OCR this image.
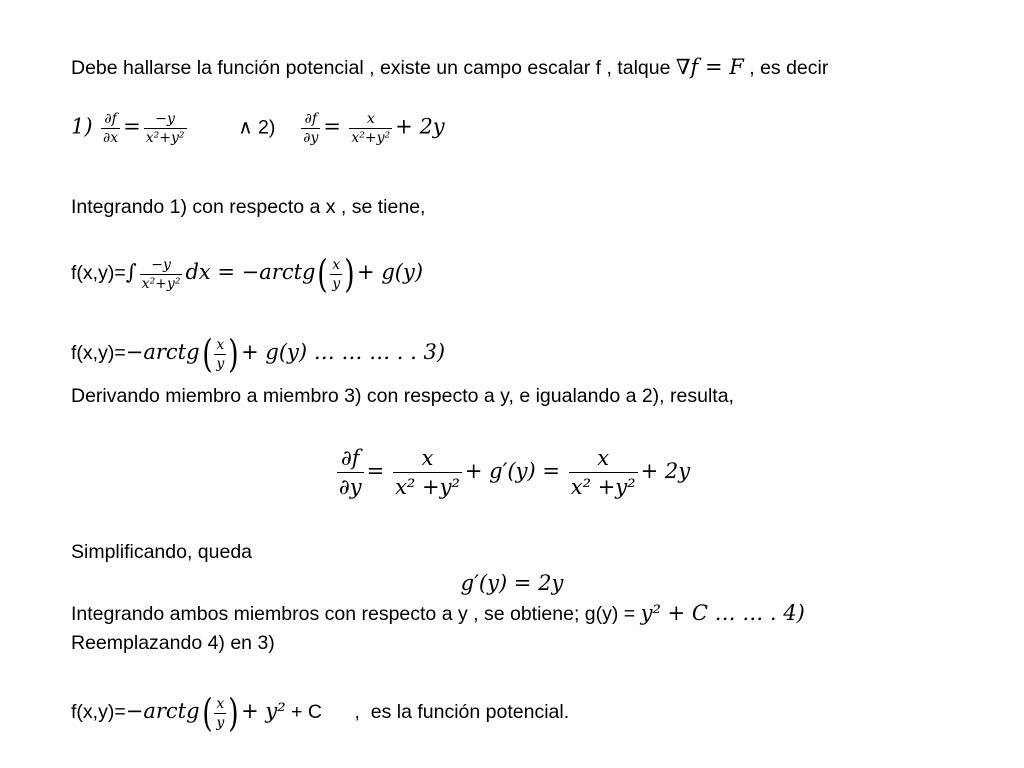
Debe hallarse la función potencial , existe un campo escalar f , talque ∇f = F , es decir
$1) \frac{\partial f}{\partial x} = \frac{-y}{\text{x²+y²}}$	∧ $2) \frac{\partial f}{\partial y} = \frac{x}{\text{x²+y²}} + 2y$
Integrando 1) con respecto a x , se tiene,
$f(x,y)=\int \frac{-y}{\text{x²+y²}}$ dx = −arctg( $\frac{x}{y}$ ) + g(y)
f(x,y)=−arctg( $\frac{x}{y}$ ) + g(y) … … … . . 3)
Derivando miembro a miembro 3) con respecto a y, e igualando a 2), resulta,
$\frac{\partial f}{\partial y} = \frac{x}{\text{x² +y²}} + g'(y) = \frac{x}{\text{x² +y²}} + 2y$
Simplificando, queda
g′(y) = 2y
Integrando ambos miembros con respecto a y , se obtiene; g(y) = y² + C … … . 4)
Reemplazando 4) en 3)
f(x,y)=−arctg( $\frac{x}{y}$ ) + y² + C      ,  es la función potencial.
